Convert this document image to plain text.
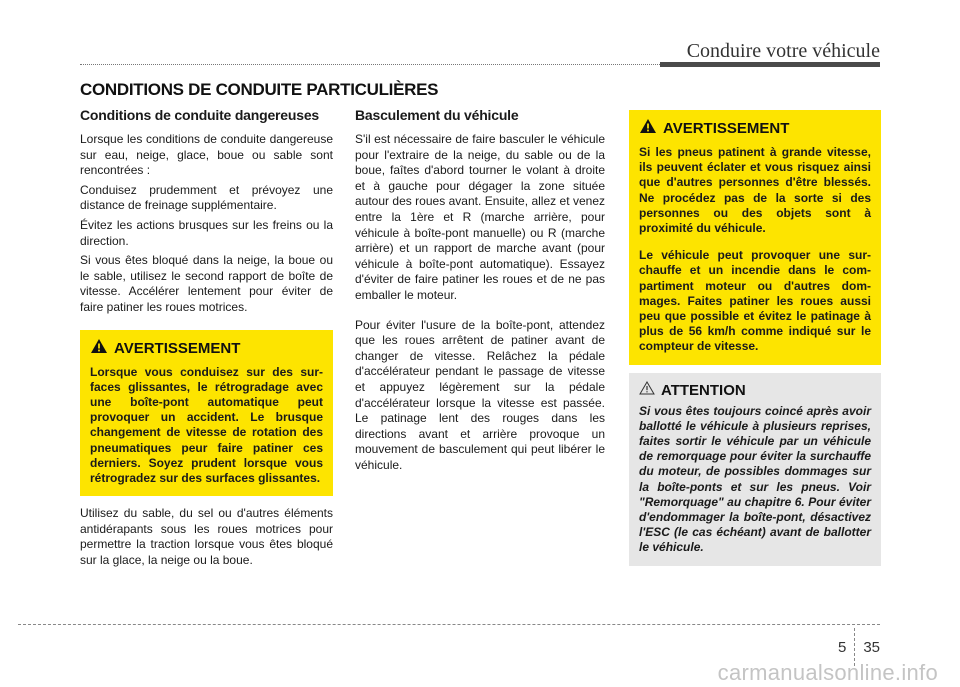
Conduire votre véhicule
CONDITIONS DE CONDUITE PARTICULIÈRES
Conditions de conduite dangereuses

Lorsque les conditions de conduite dangereuse sur eau, neige, glace, boue ou sable sont rencontrées :

Conduisez prudemment et prévoyez une distance de freinage supplémentaire.

Évitez les actions brusques sur les freins ou la direction.

Si vous êtes bloqué dans la neige, la boue ou le sable, utilisez le second rapport de boîte de vitesse. Accélérer lentement pour éviter de faire patiner les roues motrices.

AVERTISSEMENT

Lorsque vous conduisez sur des surfaces glissantes, le rétrogradage avec une boîte-pont automatique peut provoquer un accident. Le brusque changement de vitesse de rotation des pneumatiques peur faire patiner ces derniers. Soyez prudent lorsque vous rétrogradez sur des surfaces glissantes.

Utilisez du sable, du sel ou d'autres éléments antidérapants sous les roues motrices pour permettre la traction lorsque vous êtes bloqué sur la glace, la neige ou la boue.

Basculement du véhicule

S'il est nécessaire de faire basculer le véhicule pour l'extraire de la neige, du sable ou de la boue, faîtes d'abord tourner le volant à droite et à gauche pour dégager la zone située autour des roues avant. Ensuite, allez et venez entre la 1ère et R (marche arrière, pour véhicule à boîte-pont manuelle) ou R (marche arrière) et un rapport de marche avant (pour véhicule à boîte-pont automatique). Essayez d'éviter de faire patiner les roues et de ne pas emballer le moteur.

Pour éviter l'usure de la boîte-pont, attendez que les roues arrêtent de patiner avant de changer de vitesse. Relâchez la pédale d'accélérateur pendant le passage de vitesse et appuyez légèrement sur la pédale d'accélérateur lorsque la vitesse est passée. Le patinage lent des rouges dans les directions avant et arrière provoque un mouvement de basculement qui peut libérer le véhicule.

AVERTISSEMENT

Si les pneus patinent à grande vitesse, ils peuvent éclater et vous risquez ainsi que d'autres personnes d'être blessés. Ne procédez pas de la sorte si des personnes ou des objets sont à proximité du véhicule.

Le véhicule peut provoquer une surchauffe et un incendie dans le compartiment moteur ou d'autres dommages. Faites patiner les roues aussi peu que possible et évitez le patinage à plus de 56 km/h comme indiqué sur le compteur de vitesse.

ATTENTION

Si vous êtes toujours coincé après avoir ballotté le véhicule à plusieurs reprises, faites sortir le véhicule par un véhicule de remorquage pour éviter la surchauffe du moteur, de possibles dommages sur la boîte-ponts et sur les pneus. Voir "Remorquage" au chapitre 6. Pour éviter d'endommager la boîte-pont, désactivez l'ESC (le cas échéant) avant de ballotter le véhicule.

5 35
carmanualsonline.info
